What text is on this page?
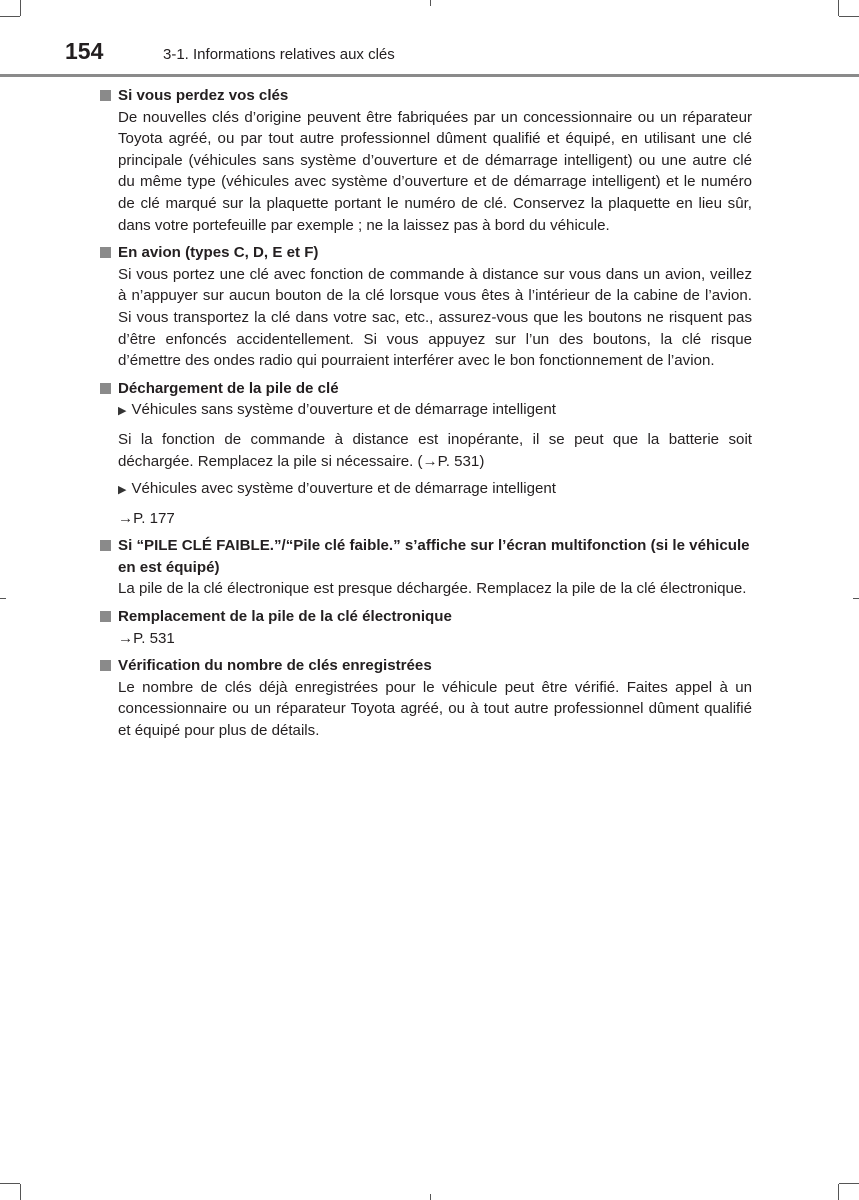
154	3-1. Informations relatives aux clés
Si vous perdez vos clés
De nouvelles clés d’origine peuvent être fabriquées par un concessionnaire ou un réparateur Toyota agréé, ou par tout autre professionnel dûment qualifié et équipé, en utilisant une clé principale (véhicules sans système d’ouverture et de démarrage intelligent) ou une autre clé du même type (véhicules avec système d’ouverture et de démarrage intelligent) et le numéro de clé marqué sur la plaquette portant le numéro de clé. Conservez la plaquette en lieu sûr, dans votre portefeuille par exemple ; ne la laissez pas à bord du véhicule.
En avion (types C, D, E et F)
Si vous portez une clé avec fonction de commande à distance sur vous dans un avion, veillez à n’appuyer sur aucun bouton de la clé lorsque vous êtes à l’intérieur de la cabine de l’avion. Si vous transportez la clé dans votre sac, etc., assurez-vous que les boutons ne risquent pas d’être enfoncés accidentellement. Si vous appuyez sur l’un des boutons, la clé risque d’émettre des ondes radio qui pourraient interférer avec le bon fonctionnement de l’avion.
Déchargement de la pile de clé
▶ Véhicules sans système d’ouverture et de démarrage intelligent
Si la fonction de commande à distance est inopérante, il se peut que la batterie soit déchargée. Remplacez la pile si nécessaire. (→P. 531)
▶ Véhicules avec système d’ouverture et de démarrage intelligent
→P. 177
Si “PILE CLÉ FAIBLE.”/“Pile clé faible.” s’affiche sur l’écran multifonction (si le véhicule en est équipé)
La pile de la clé électronique est presque déchargée. Remplacez la pile de la clé électronique.
Remplacement de la pile de la clé électronique
→P. 531
Vérification du nombre de clés enregistrées
Le nombre de clés déjà enregistrées pour le véhicule peut être vérifié. Faites appel à un concessionnaire ou un réparateur Toyota agréé, ou à tout autre professionnel dûment qualifié et équipé pour plus de détails.
